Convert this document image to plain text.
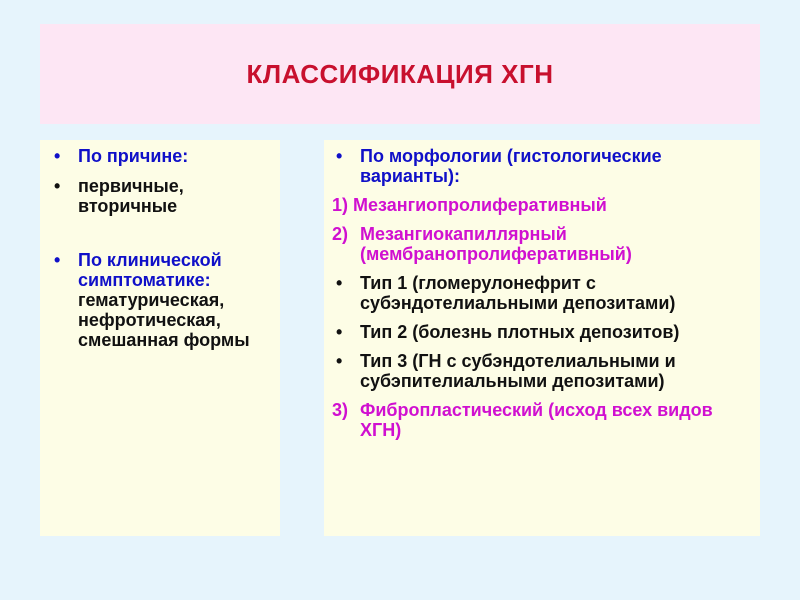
КЛАССИФИКАЦИЯ ХГН
• По причине:
• первичные, вторичные
• По клинической симптоматике: гематурическая, нефротическая, смешанная формы
• По морфологии (гистологические варианты):
1) Мезангиопролиферативный
2) Мезангиокапиллярный (мембранопролиферативный)
• Тип 1 (гломерулонефрит с субэндотелиальными депозитами)
• Тип 2 (болезнь плотных депозитов)
• Тип 3 (ГН с субэндотелиальными и субэпителиальными депозитами)
3) Фибропластический (исход всех видов ХГН)
